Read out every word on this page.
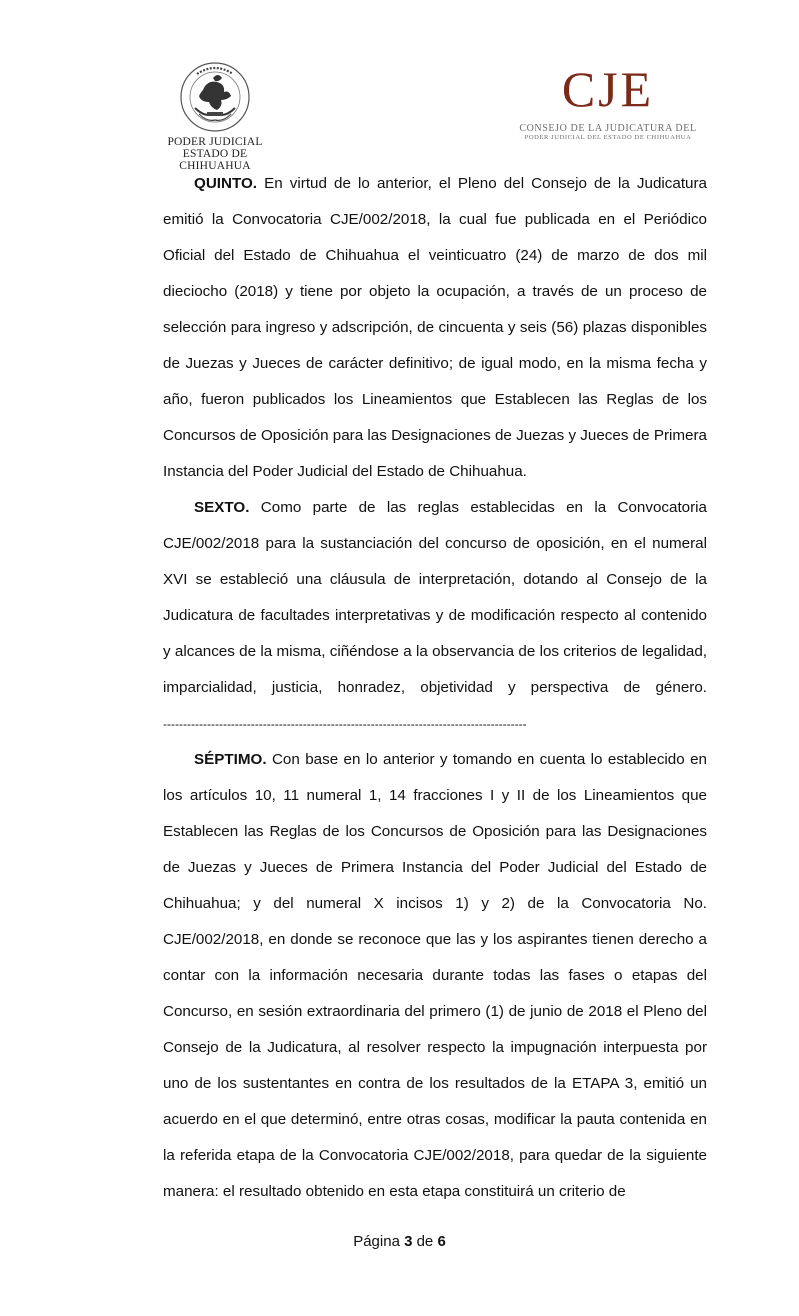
PODER JUDICIAL
ESTADO DE CHIHUAHUA
CJE
CONSEJO DE LA JUDICATURA DEL
PODER JUDICIAL DEL ESTADO DE CHIHUAHUA

QUINTO. En virtud de lo anterior, el Pleno del Consejo de la Judicatura emitió la Convocatoria CJE/002/2018, la cual fue publicada en el Periódico Oficial del Estado de Chihuahua el veinticuatro (24) de marzo de dos mil dieciocho (2018) y tiene por objeto la ocupación, a través de un proceso de selección para ingreso y adscripción, de cincuenta y seis (56) plazas disponibles de Juezas y Jueces de carácter definitivo; de igual modo, en la misma fecha y año, fueron publicados los Lineamientos que Establecen las Reglas de los Concursos de Oposición para las Designaciones de Juezas y Jueces de Primera Instancia del Poder Judicial del Estado de Chihuahua.

SEXTO. Como parte de las reglas establecidas en la Convocatoria CJE/002/2018 para la sustanciación del concurso de oposición, en el numeral XVI se estableció una cláusula de interpretación, dotando al Consejo de la Judicatura de facultades interpretativas y de modificación respecto al contenido y alcances de la misma, ciñéndose a la observancia de los criterios de legalidad, imparcialidad, justicia, honradez, objetividad y perspectiva de género. -------------------------------------------------------------------------------------------

SÉPTIMO. Con base en lo anterior y tomando en cuenta lo establecido en los artículos 10, 11 numeral 1, 14 fracciones I y II de los Lineamientos que Establecen las Reglas de los Concursos de Oposición para las Designaciones de Juezas y Jueces de Primera Instancia del Poder Judicial del Estado de Chihuahua; y del numeral X incisos 1) y 2) de la Convocatoria No. CJE/002/2018, en donde se reconoce que las y los aspirantes tienen derecho a contar con la información necesaria durante todas las fases o etapas del Concurso, en sesión extraordinaria del primero (1) de junio de 2018 el Pleno del Consejo de la Judicatura, al resolver respecto la impugnación interpuesta por uno de los sustentantes en contra de los resultados de la ETAPA 3, emitió un acuerdo en el que determinó, entre otras cosas, modificar la pauta contenida en la referida etapa de la Convocatoria CJE/002/2018, para quedar de la siguiente manera: el resultado obtenido en esta etapa constituirá un criterio de

Página 3 de 6
